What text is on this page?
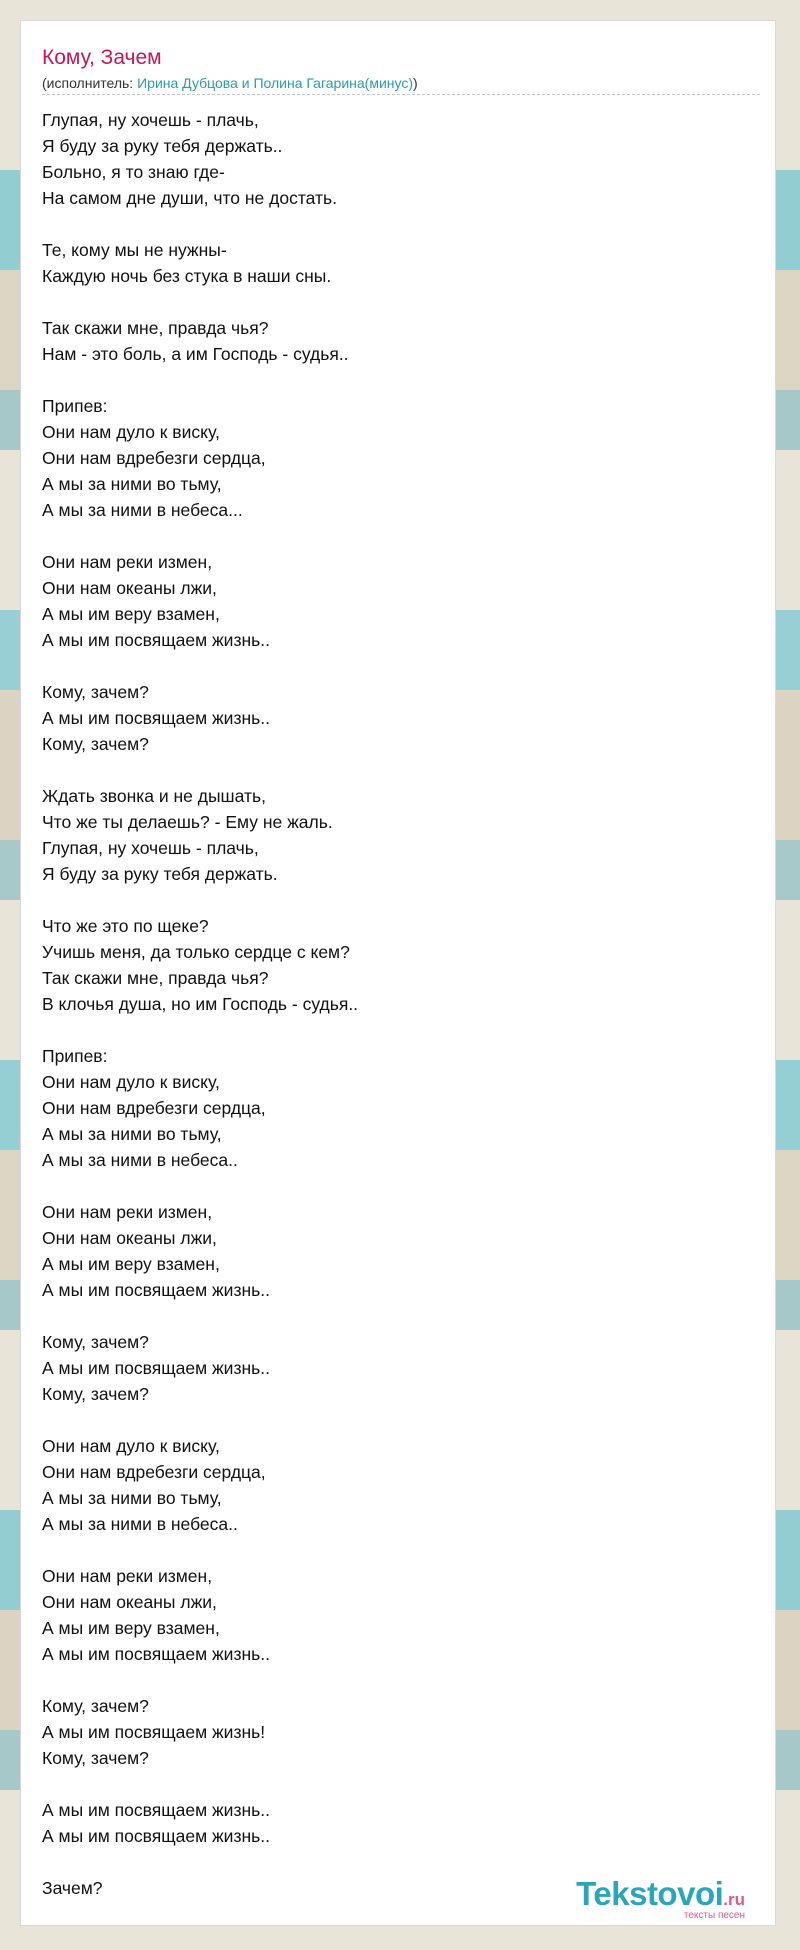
Кому, Зачем
(исполнитель: Ирина Дубцова и Полина Гагарина(минус))
Глупая, ну хочешь - плачь,
Я буду за руку тебя держать..
Больно, я то знаю где-
На самом дне души, что не достать.
Те, кому мы не нужны-
Каждую ночь без стука в наши сны.
Так скажи мне, правда чья?
Нам - это боль, а им Господь - судья..
Припев:
Они нам дуло к виску,
Они нам вдребезги сердца,
А мы за ними во тьму,
А мы за ними в небеса...
Они нам реки измен,
Они нам океаны лжи,
А мы им веру взамен,
А мы им посвящаем жизнь..
Кому, зачем?
А мы им посвящаем жизнь..
Кому, зачем?
Ждать звонка и не дышать,
Что же ты делаешь? - Ему не жаль.
Глупая, ну хочешь - плачь,
Я буду за руку тебя держать.
Что же это по щеке?
Учишь меня, да только сердце с кем?
Так скажи мне, правда чья?
В клочья душа, но им Господь - судья..
Припев:
Они нам дуло к виску,
Они нам вдребезги сердца,
А мы за ними во тьму,
А мы за ними в небеса..
Они нам реки измен,
Они нам океаны лжи,
А мы им веру взамен,
А мы им посвящаем жизнь..
Кому, зачем?
А мы им посвящаем жизнь..
Кому, зачем?
Они нам дуло к виску,
Они нам вдребезги сердца,
А мы за ними во тьму,
А мы за ними в небеса..
Они нам реки измен,
Они нам океаны лжи,
А мы им веру взамен,
А мы им посвящаем жизнь..
Кому, зачем?
А мы им посвящаем жизнь!
Кому, зачем?
А мы им посвящаем жизнь..
А мы им посвящаем жизнь..
Зачем?	Tekstovoi.ru
тексты песен
